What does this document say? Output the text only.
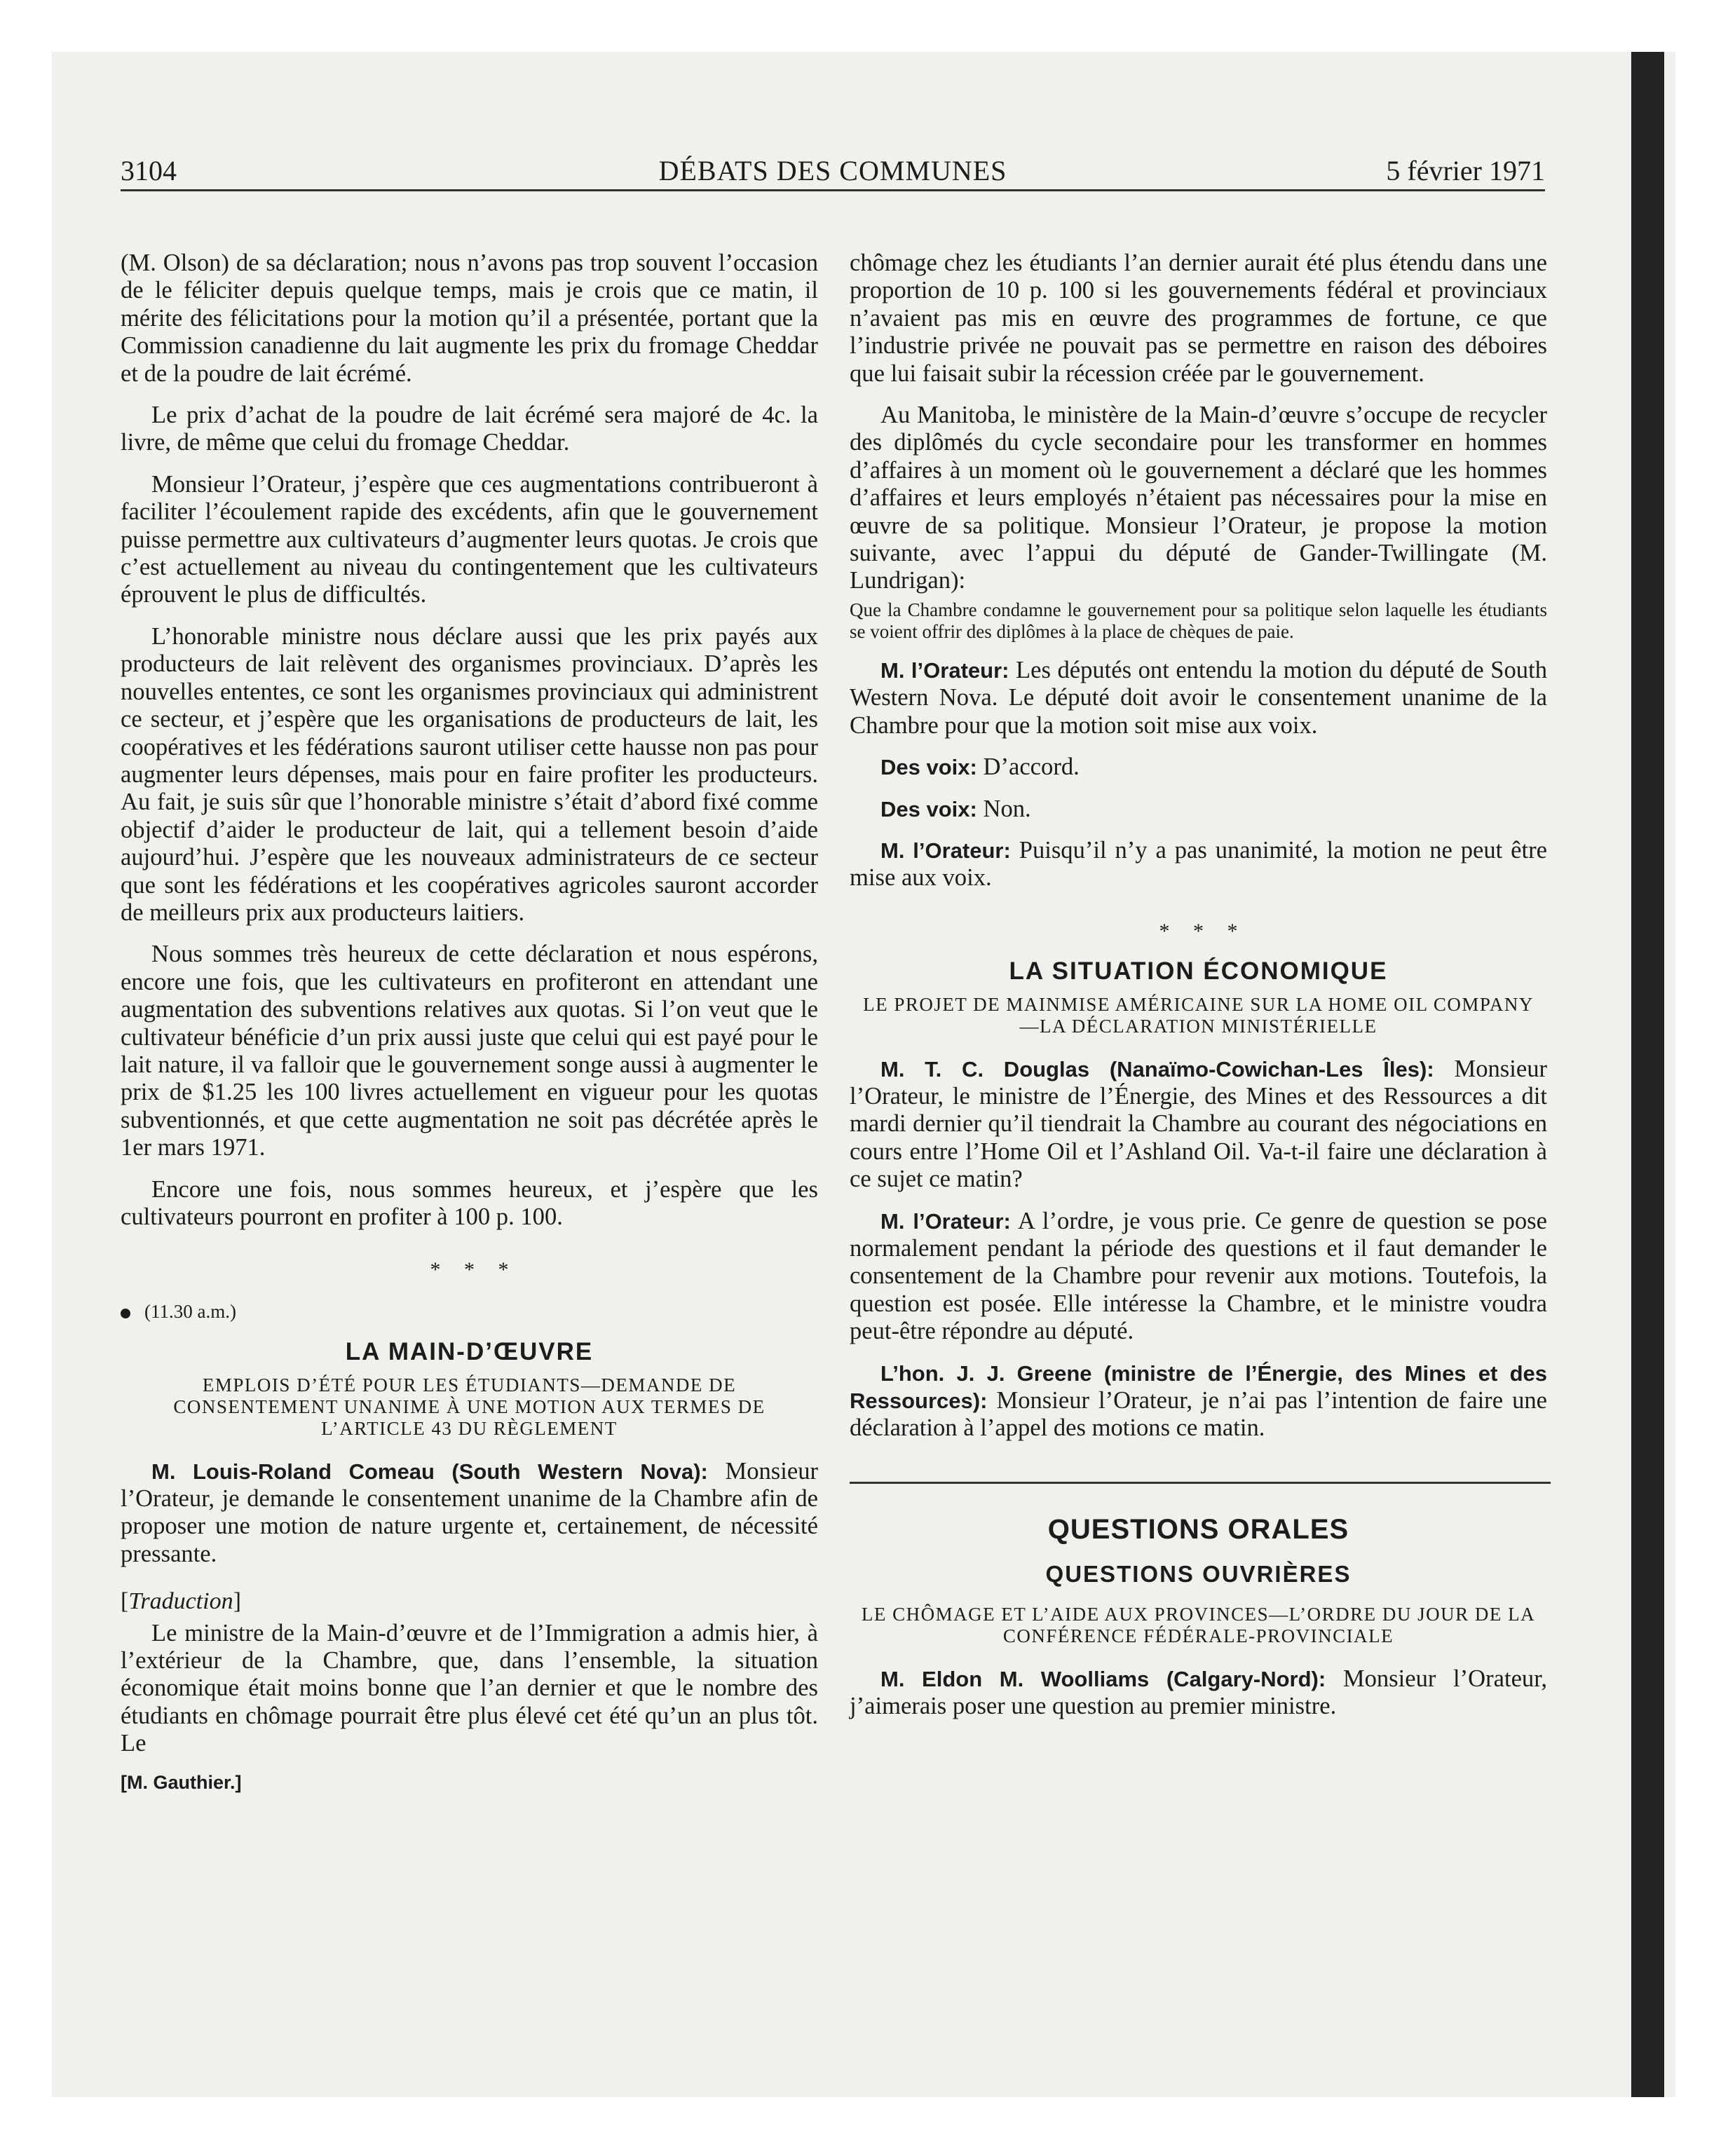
3104	DÉBATS DES COMMUNES	5 février 1971

(M. Olson) de sa déclaration; nous n’avons pas trop souvent l’occasion de le féliciter depuis quelque temps, mais je crois que ce matin, il mérite des félicitations pour la motion qu’il a présentée, portant que la Commission canadienne du lait augmente les prix du fromage Cheddar et de la poudre de lait écrémé.

Le prix d’achat de la poudre de lait écrémé sera majoré de 4c. la livre, de même que celui du fromage Cheddar.

Monsieur l’Orateur, j’espère que ces augmentations contribueront à faciliter l’écoulement rapide des excédents, afin que le gouvernement puisse permettre aux cultivateurs d’augmenter leurs quotas. Je crois que c’est actuellement au niveau du contingentement que les cultivateurs éprouvent le plus de difficultés.

L’honorable ministre nous déclare aussi que les prix payés aux producteurs de lait relèvent des organismes provinciaux. D’après les nouvelles ententes, ce sont les organismes provinciaux qui administrent ce secteur, et j’espère que les organisations de producteurs de lait, les coopératives et les fédérations sauront utiliser cette hausse non pas pour augmenter leurs dépenses, mais pour en faire profiter les producteurs. Au fait, je suis sûr que l’honorable ministre s’était d’abord fixé comme objectif d’aider le producteur de lait, qui a tellement besoin d’aide aujourd’hui. J’espère que les nouveaux administrateurs de ce secteur que sont les fédérations et les coopératives agricoles sauront accorder de meilleurs prix aux producteurs laitiers.

Nous sommes très heureux de cette déclaration et nous espérons, encore une fois, que les cultivateurs en profiteront en attendant une augmentation des subventions relatives aux quotas. Si l’on veut que le cultivateur bénéficie d’un prix aussi juste que celui qui est payé pour le lait nature, il va falloir que le gouvernement songe aussi à augmenter le prix de $1.25 les 100 livres actuellement en vigueur pour les quotas subventionnés, et que cette augmentation ne soit pas décrétée après le 1er mars 1971.

Encore une fois, nous sommes heureux, et j’espère que les cultivateurs pourront en profiter à 100 p. 100.

* * *
(11.30 a.m.)
LA MAIN-D’ŒUVRE
EMPLOIS D’ÉTÉ POUR LES ÉTUDIANTS—DEMANDE DE CONSENTEMENT UNANIME À UNE MOTION AUX TERMES DE L’ARTICLE 43 DU RÈGLEMENT

M. Louis-Roland Comeau (South Western Nova): Monsieur l’Orateur, je demande le consentement unanime de la Chambre afin de proposer une motion de nature urgente et, certainement, de nécessité pressante.

[Traduction]

Le ministre de la Main-d’œuvre et de l’Immigration a admis hier, à l’extérieur de la Chambre, que, dans l’ensemble, la situation économique était moins bonne que l’an dernier et que le nombre des étudiants en chômage pourrait être plus élevé cet été qu’un an plus tôt. Le

[M. Gauthier.]

chômage chez les étudiants l’an dernier aurait été plus étendu dans une proportion de 10 p. 100 si les gouvernements fédéral et provinciaux n’avaient pas mis en œuvre des programmes de fortune, ce que l’industrie privée ne pouvait pas se permettre en raison des déboires que lui faisait subir la récession créée par le gouvernement.

Au Manitoba, le ministère de la Main-d’œuvre s’occupe de recycler des diplômés du cycle secondaire pour les transformer en hommes d’affaires à un moment où le gouvernement a déclaré que les hommes d’affaires et leurs employés n’étaient pas nécessaires pour la mise en œuvre de sa politique. Monsieur l’Orateur, je propose la motion suivante, avec l’appui du député de Gander-Twillingate (M. Lundrigan):

Que la Chambre condamne le gouvernement pour sa politique selon laquelle les étudiants se voient offrir des diplômes à la place de chèques de paie.

M. l’Orateur: Les députés ont entendu la motion du député de South Western Nova. Le député doit avoir le consentement unanime de la Chambre pour que la motion soit mise aux voix.

Des voix: D’accord.

Des voix: Non.

M. l’Orateur: Puisqu’il n’y a pas unanimité, la motion ne peut être mise aux voix.

* * *
LA SITUATION ÉCONOMIQUE
LE PROJET DE MAINMISE AMÉRICAINE SUR LA HOME OIL COMPANY—LA DÉCLARATION MINISTÉRIELLE

M. T. C. Douglas (Nanaïmo-Cowichan-Les Îles): Monsieur l’Orateur, le ministre de l’Énergie, des Mines et des Ressources a dit mardi dernier qu’il tiendrait la Chambre au courant des négociations en cours entre l’Home Oil et l’Ashland Oil. Va-t-il faire une déclaration à ce sujet ce matin?

M. l’Orateur: A l’ordre, je vous prie. Ce genre de question se pose normalement pendant la période des questions et il faut demander le consentement de la Chambre pour revenir aux motions. Toutefois, la question est posée. Elle intéresse la Chambre, et le ministre voudra peut-être répondre au député.

L’hon. J. J. Greene (ministre de l’Énergie, des Mines et des Ressources): Monsieur l’Orateur, je n’ai pas l’intention de faire une déclaration à l’appel des motions ce matin.

QUESTIONS ORALES
QUESTIONS OUVRIÈRES
LE CHÔMAGE ET L’AIDE AUX PROVINCES—L’ORDRE DU JOUR DE LA CONFÉRENCE FÉDÉRALE-PROVINCIALE

M. Eldon M. Woolliams (Calgary-Nord): Monsieur l’Orateur, j’aimerais poser une question au premier ministre.
